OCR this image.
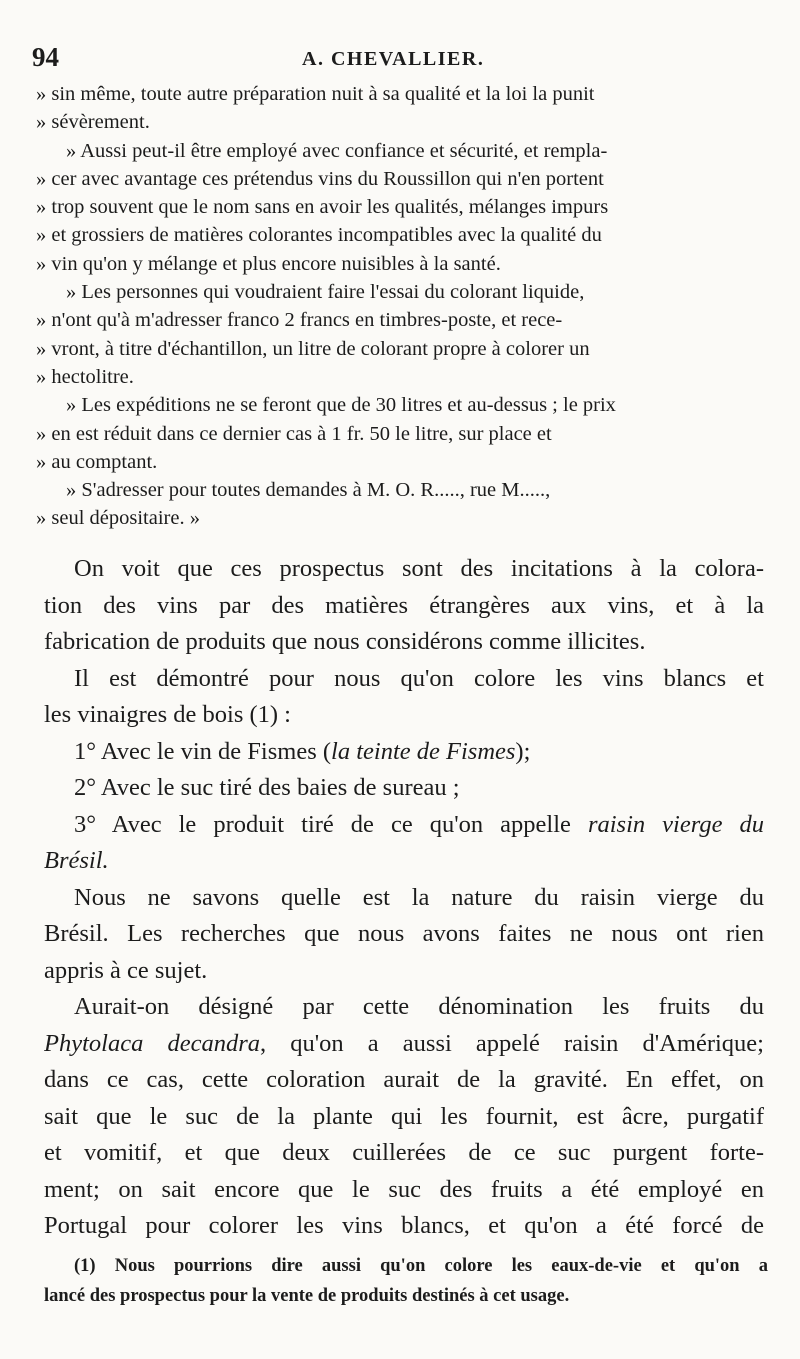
94	A. CHEVALLIER.
» sin même, toute autre préparation nuit à sa qualité et la loi la punit
» sévèrement.
» Aussi peut-il être employé avec confiance et sécurité, et rempla-
» cer avec avantage ces prétendus vins du Roussillon qui n'en portent
» trop souvent que le nom sans en avoir les qualités, mélanges impurs
» et grossiers de matières colorantes incompatibles avec la qualité du
» vin qu'on y mélange et plus encore nuisibles à la santé.
» Les personnes qui voudraient faire l'essai du colorant liquide,
» n'ont qu'à m'adresser franco 2 francs en timbres-poste, et rece-
» vront, à titre d'échantillon, un litre de colorant propre à colorer un
» hectolitre.
» Les expéditions ne se feront que de 30 litres et au-dessus ; le prix
» en est réduit dans ce dernier cas à 1 fr. 50 le litre, sur place et
» au comptant.
» S'adresser pour toutes demandes à M. O. R....., rue M.....,
» seul dépositaire. »
On voit que ces prospectus sont des incitations à la colora-
tion des vins par des matières étrangères aux vins, et à la
fabrication de produits que nous considérons comme illicites.
Il est démontré pour nous qu'on colore les vins blancs et
les vinaigres de bois (1) :
1° Avec le vin de Fismes (la teinte de Fismes);
2° Avec le suc tiré des baies de sureau ;
3° Avec le produit tiré de ce qu'on appelle raisin vierge du
Brésil.
Nous ne savons quelle est la nature du raisin vierge du
Brésil. Les recherches que nous avons faites ne nous ont rien
appris à ce sujet.
Aurait-on désigné par cette dénomination les fruits du
Phytolaca decandra, qu'on a aussi appelé raisin d'Amérique;
dans ce cas, cette coloration aurait de la gravité. En effet, on
sait que le suc de la plante qui les fournit, est âcre, purgatif
et vomitif, et que deux cuillerées de ce suc purgent forte-
ment; on sait encore que le suc des fruits a été employé en
Portugal pour colorer les vins blancs, et qu'on a été forcé de
(1) Nous pourrions dire aussi qu'on colore les eaux-de-vie et qu'on a
lancé des prospectus pour la vente de produits destinés à cet usage.
